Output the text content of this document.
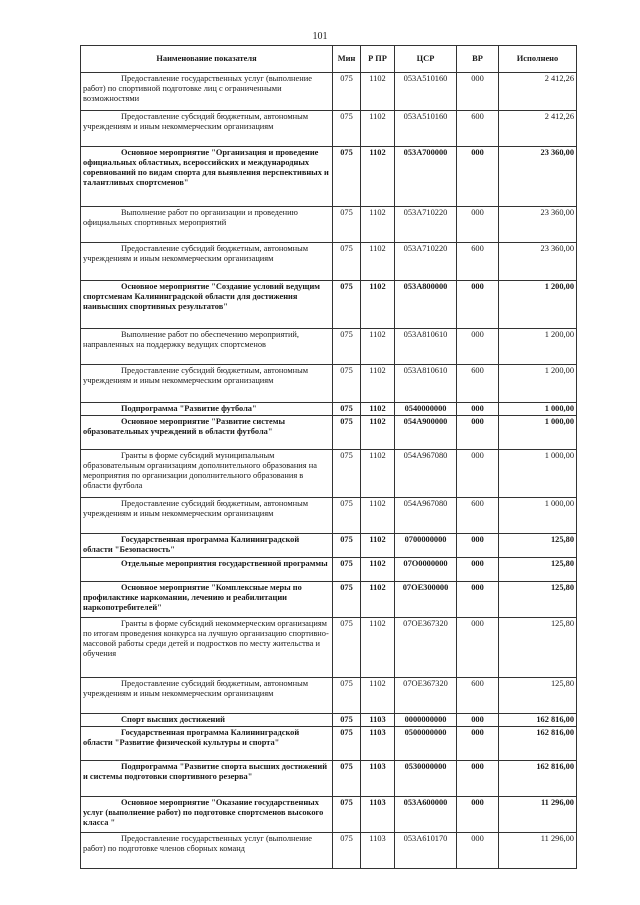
101
Наименование показателя	Мин	Р ПР	ЦСР	ВР	Исполнено

Предоставление государственных услуг (выполнение работ) по спортивной подготовке лиц с ограниченными возможностями	075	1102	053А510160	000	2 412,26

Предоставление субсидий бюджетным, автономным учреждениям и иным некоммерческим организациям	075	1102	053А510160	600	2 412,26

Основное мероприятие "Организация и проведение официальных областных, всероссийских и международных соревнований по видам спорта для выявления перспективных и талантливых спортсменов"	075	1102	053А700000	000	23 360,00

Выполнение работ по организации и проведению официальных спортивных мероприятий	075	1102	053А710220	000	23 360,00

Предоставление субсидий бюджетным, автономным учреждениям и иным некоммерческим организациям	075	1102	053А710220	600	23 360,00

Основное мероприятие "Создание условий ведущим спортсменам Калининградской области для достижения наивысших спортивных результатов"	075	1102	053А800000	000	1 200,00

Выполнение работ по обеспечению мероприятий, направленных на поддержку ведущих спортсменов	075	1102	053А810610	000	1 200,00

Предоставление субсидий бюджетным, автономным учреждениям и иным некоммерческим организациям	075	1102	053А810610	600	1 200,00

Подпрограмма "Развитие футбола"	075	1102	0540000000	000	1 000,00

Основное мероприятие "Развитие системы образовательных учреждений в области футбола"	075	1102	054А900000	000	1 000,00

Гранты в форме субсидий муниципальным образовательным организациям дополнительного образования на мероприятия по организации дополнительного образования в области футбола	075	1102	054А967080	000	1 000,00

Предоставление субсидий бюджетным, автономным учреждениям и иным некоммерческим организациям	075	1102	054А967080	600	1 000,00

Государственная программа Калининградской области "Безопасность"	075	1102	0700000000	000	125,80

Отдельные мероприятия государственной программы	075	1102	07О0000000	000	125,80

Основное мероприятие "Комплексные меры по профилактике наркомании, лечению и реабилитации наркопотребителей"	075	1102	07ОЕ300000	000	125,80

Гранты в форме субсидий некоммерческим организациям по итогам проведения конкурса на лучшую организацию спортивно-массовой работы среди детей и подростков по месту жительства и обучения	075	1102	07ОЕ367320	000	125,80

Предоставление субсидий бюджетным, автономным учреждениям и иным некоммерческим организациям	075	1102	07ОЕ367320	600	125,80

Спорт высших достижений	075	1103	0000000000	000	162 816,00

Государственная программа Калининградской области "Развитие физической культуры и спорта"	075	1103	0500000000	000	162 816,00

Подпрограмма "Развитие спорта высших достижений и системы подготовки спортивного резерва"	075	1103	0530000000	000	162 816,00

Основное мероприятие "Оказание государственных услуг (выполнение работ) по подготовке спортсменов высокого класса "	075	1103	053А600000	000	11 296,00

Предоставление государственных услуг (выполнение работ) по подготовке членов сборных команд	075	1103	053А610170	000	11 296,00
